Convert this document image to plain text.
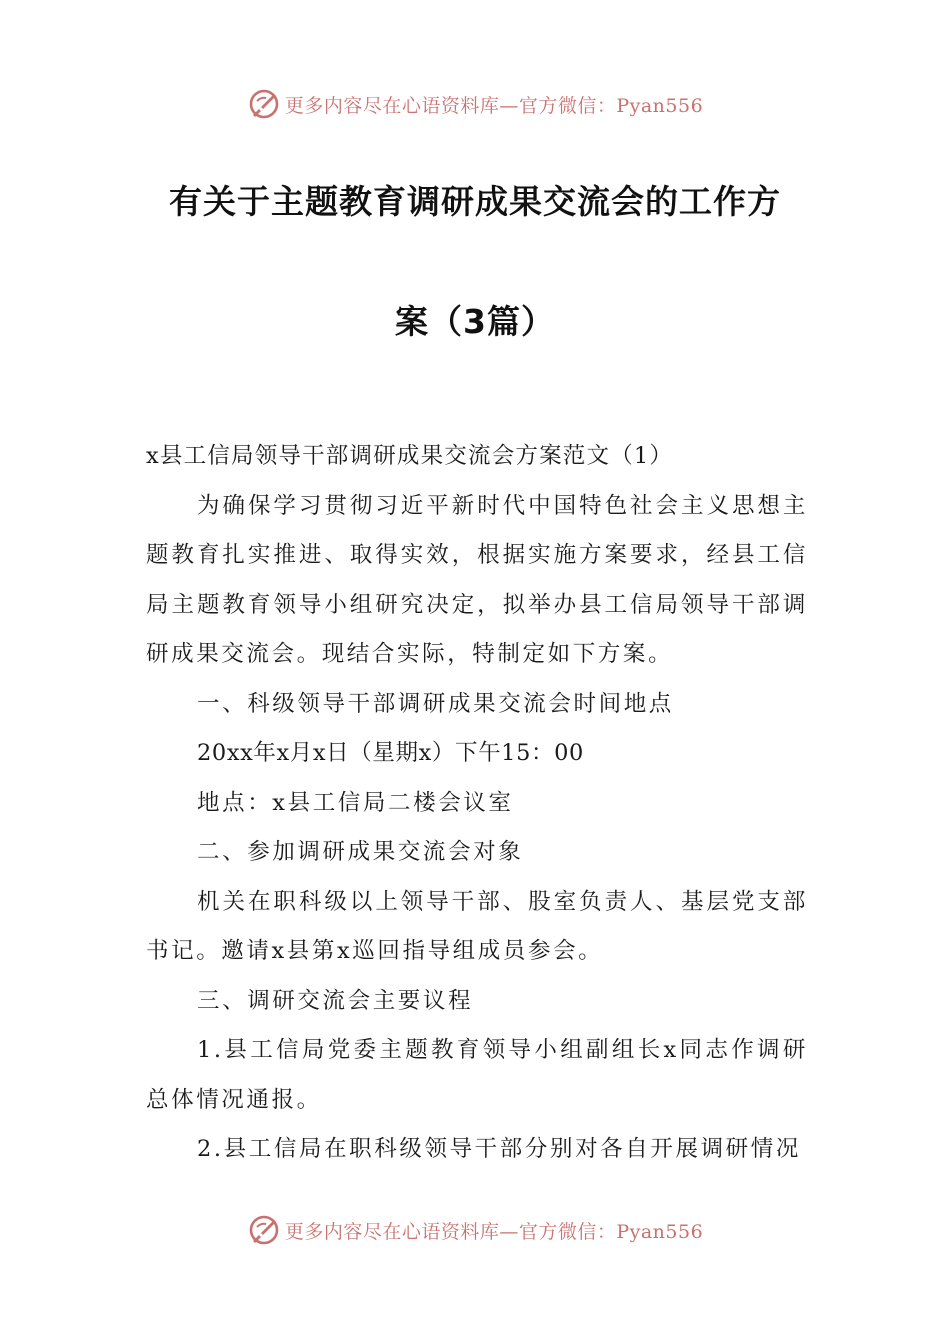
更多内容尽在心语资料库—官方微信：Pyan556
有关于主题教育调研成果交流会的工作方
案（3篇）

x县工信局领导干部调研成果交流会方案范文（1）

为确保学习贯彻习近平新时代中国特色社会主义思想主题教育扎实推进、取得实效，根据实施方案要求，经县工信局主题教育领导小组研究决定，拟举办县工信局领导干部调研成果交流会。现结合实际，特制定如下方案。

一、科级领导干部调研成果交流会时间地点

20xx年x月x日（星期x）下午15：00

地点：x县工信局二楼会议室

二、参加调研成果交流会对象

机关在职科级以上领导干部、股室负责人、基层党支部书记。邀请x县第x巡回指导组成员参会。

三、调研交流会主要议程

1.县工信局党委主题教育领导小组副组长x同志作调研总体情况通报。

2.县工信局在职科级领导干部分别对各自开展调研情况

更多内容尽在心语资料库—官方微信：Pyan556
